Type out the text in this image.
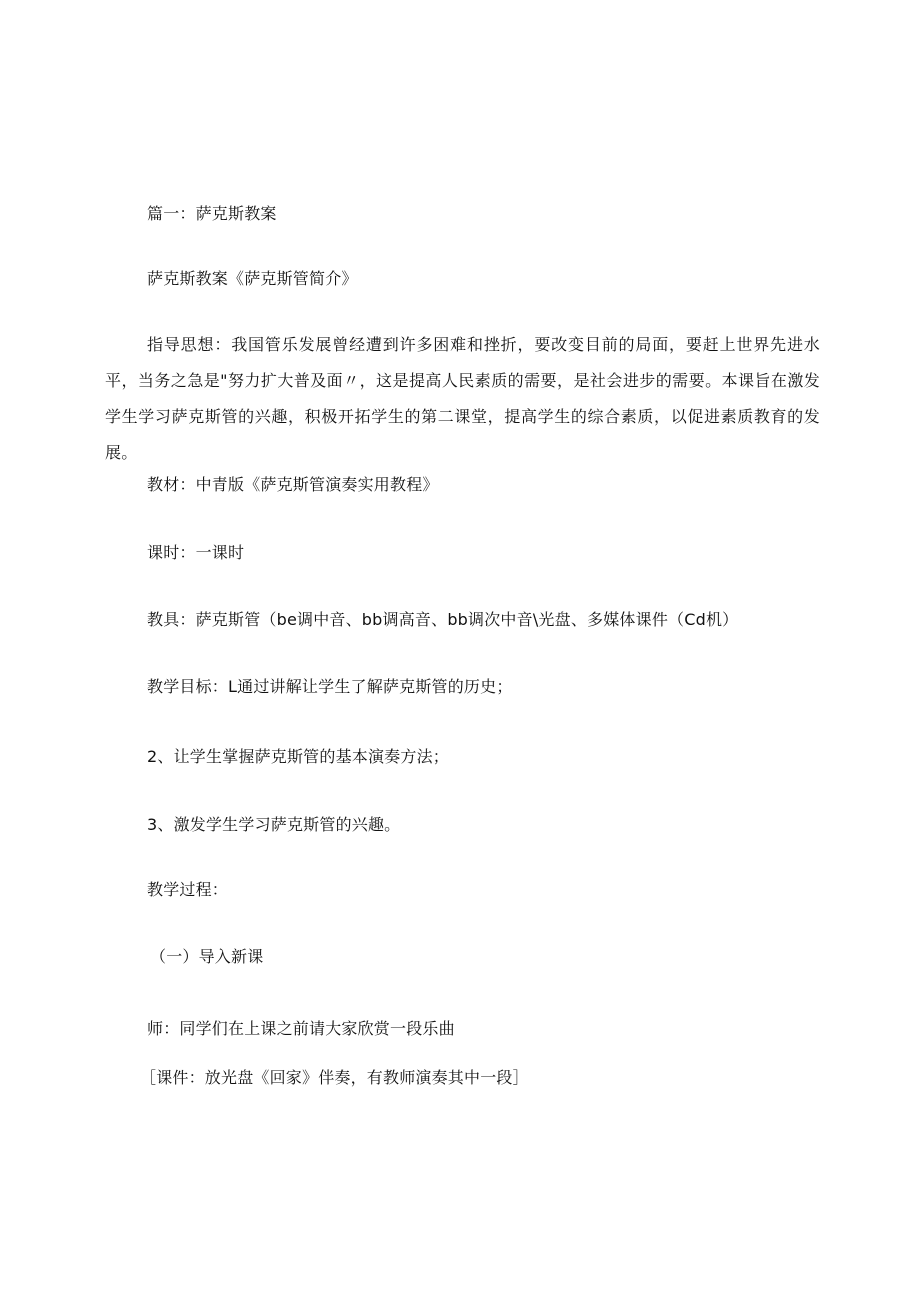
篇一：萨克斯教案
萨克斯教案《萨克斯管简介》
指导思想：我国管乐发展曾经遭到许多困难和挫折，要改变目前的局面，要赶上世界先进水平，当务之急是"努力扩大普及面〃，这是提高人民素质的需要，是社会进步的需要。本课旨在激发学生学习萨克斯管的兴趣，积极开拓学生的第二课堂，提高学生的综合素质，以促进素质教育的发展。
教材：中青版《萨克斯管演奏实用教程》
课时：一课时
教具：萨克斯管（be调中音、bb调高音、bb调次中音\光盘、多媒体课件（Cd机）
教学目标：L通过讲解让学生了解萨克斯管的历史；
2、让学生掌握萨克斯管的基本演奏方法；
3、激发学生学习萨克斯管的兴趣。
教学过程：
（一）导入新课
师：同学们在上课之前请大家欣赏一段乐曲
［课件：放光盘《回家》伴奏，有教师演奏其中一段］
